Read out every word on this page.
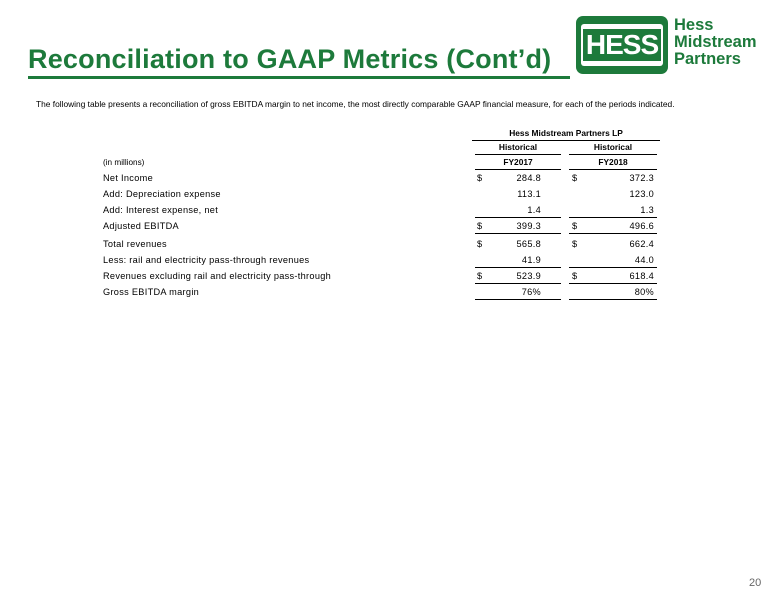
Reconciliation to GAAP Metrics (Cont’d) HESS
Hess
Midstream
Partners
The following table presents a reconciliation of gross EBITDA margin to net income, the most directly comparable GAAP financial measure, for each of the periods indicated.
Hess Midstream Partners LP
Historical	Historical
(in millions)	FY2017	FY2018
Net Income	$	284.8	$	372.3
Add: Depreciation expense	113.1	123.0
Add: Interest expense, net	1.4	1.3
Adjusted EBITDA	$	399.3	$	496.6
Total revenues	$	565.8	$	662.4
Less: rail and electricity pass-through revenues	41.9	44.0
Revenues excluding rail and electricity pass-through	$	523.9	$	618.4
Gross EBITDA margin	76%	80%
20
